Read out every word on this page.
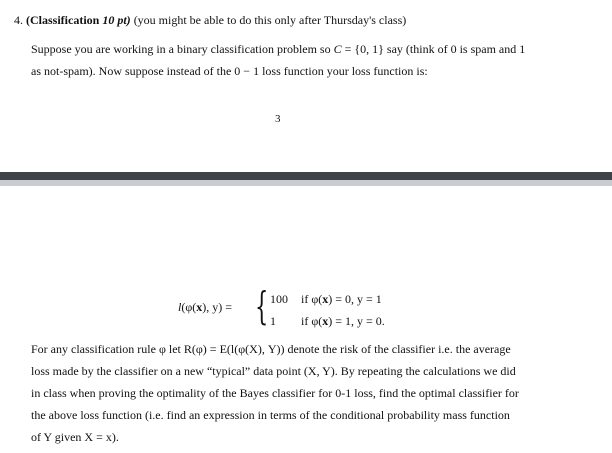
4. (Classification 10 pt) (you might be able to do this only after Thursday's class)
Suppose you are working in a binary classification problem so C = {0, 1} say (think of 0 is spam and 1
as not-spam). Now suppose instead of the 0 − 1 loss function your loss function is:
3
l(φ(x), y) = { 100 if φ(x) = 0, y = 1
1 if φ(x) = 1, y = 0.
For any classification rule φ let R(φ) = E(l(φ(X), Y)) denote the risk of the classifier i.e. the average
loss made by the classifier on a new “typical” data point (X, Y). By repeating the calculations we did
in class when proving the optimality of the Bayes classifier for 0-1 loss, find the optimal classifier for
the above loss function (i.e. find an expression in terms of the conditional probability mass function
of Y given X = x).
